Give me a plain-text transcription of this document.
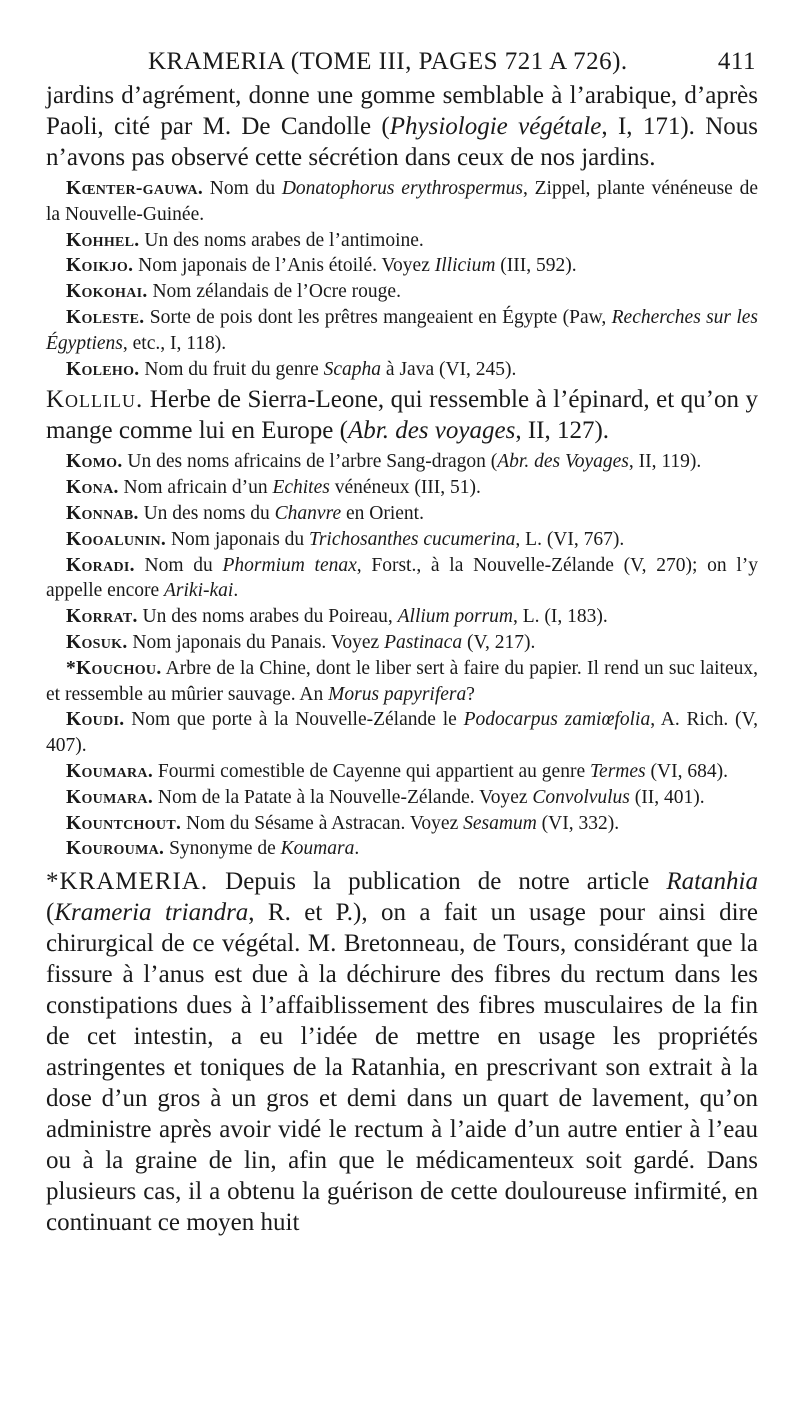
KRAMERIA (TOME III, PAGES 721 A 726).	411

jardins d’agrément, donne une gomme semblable à l’arabique, d’après Paoli, cité par M. De Candolle (Physiologie végétale, I, 171). Nous n’avons pas observé cette sécrétion dans ceux de nos jardins.

Kœnter-gauwa. Nom du Donatophorus erythrospermus, Zippel, plante vénéneuse de la Nouvelle-Guinée.

Kohhel. Un des noms arabes de l’antimoine.

Koikjo. Nom japonais de l’Anis étoilé. Voyez Illicium (III, 592).

Kokohai. Nom zélandais de l’Ocre rouge.

Koleste. Sorte de pois dont les prêtres mangeaient en Égypte (Paw, Recherches sur les Égyptiens, etc., I, 118).

Koleho. Nom du fruit du genre Scapha à Java (VI, 245).

Kollilu. Herbe de Sierra-Leone, qui ressemble à l’épinard, et qu’on y mange comme lui en Europe (Abr. des voyages, II, 127).

Komo. Un des noms africains de l’arbre Sang-dragon (Abr. des Voyages, II, 119).

Kona. Nom africain d’un Echites vénéneux (III, 51).

Konnab. Un des noms du Chanvre en Orient.

Kooalunin. Nom japonais du Trichosanthes cucumerina, L. (VI, 767).

Koradi. Nom du Phormium tenax, Forst., à la Nouvelle-Zélande (V, 270); on l’y appelle encore Ariki-kai.

Korrat. Un des noms arabes du Poireau, Allium porrum, L. (I, 183).

Kosuk. Nom japonais du Panais. Voyez Pastinaca (V, 217).

*Kouchou. Arbre de la Chine, dont le liber sert à faire du papier. Il rend un suc laiteux, et ressemble au mûrier sauvage. An Morus papyrifera?

Koudi. Nom que porte à la Nouvelle-Zélande le Podocarpus zamiœfolia, A. Rich. (V, 407).

Koumara. Fourmi comestible de Cayenne qui appartient au genre Termes (VI, 684).

Koumara. Nom de la Patate à la Nouvelle-Zélande. Voyez Convolvulus (II, 401).

Kountchout. Nom du Sésame à Astracan. Voyez Sesamum (VI, 332).

Kourouma. Synonyme de Koumara.

*KRAMERIA. Depuis la publication de notre article Ratanhia (Krameria triandra, R. et P.), on a fait un usage pour ainsi dire chirurgical de ce végétal. M. Bretonneau, de Tours, considérant que la fissure à l’anus est due à la déchirure des fibres du rectum dans les constipations dues à l’affaiblissement des fibres musculaires de la fin de cet intestin, a eu l’idée de mettre en usage les propriétés astringentes et toniques de la Ratanhia, en prescrivant son extrait à la dose d’un gros à un gros et demi dans un quart de lavement, qu’on administre après avoir vidé le rectum à l’aide d’un autre entier à l’eau ou à la graine de lin, afin que le médicamenteux soit gardé. Dans plusieurs cas, il a obtenu la guérison de cette douloureuse infirmité, en continuant ce moyen huit
